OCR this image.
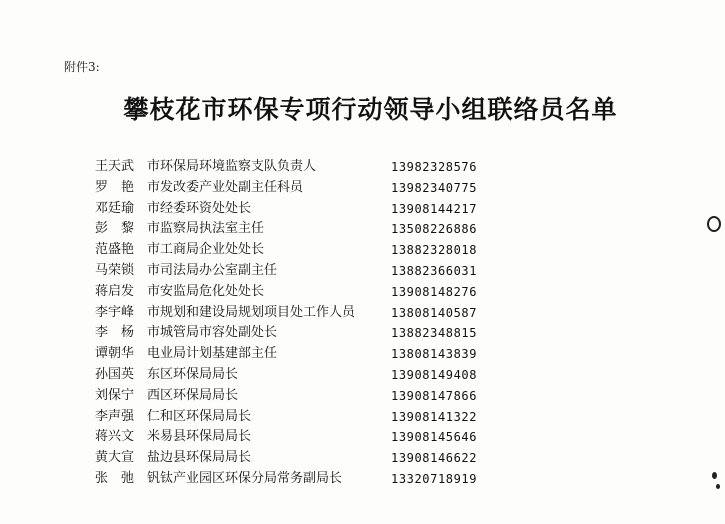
附件3:
攀枝花市环保专项行动领导小组联络员名单
王天武 市环保局环境监察支队负责人	13982328576
罗　艳 市发改委产业处副主任科员	13982340775
邓廷瑜 市经委环资处处长	13908144217
彭　黎 市监察局执法室主任	13508226886
范盛艳 市工商局企业处处长	13882328018
马荣锁 市司法局办公室副主任	13882366031
蒋启发 市安监局危化处处长	13908148276
李宇峰 市规划和建设局规划项目处工作人员	13808140587
李　杨 市城管局市容处副处长	13882348815
谭朝华 电业局计划基建部主任	13808143839
孙国英 东区环保局局长	13908149408
刘保宁 西区环保局局长	13908147866
李声强 仁和区环保局局长	13908141322
蒋兴文 米易县环保局局长	13908145646
黄大宣 盐边县环保局局长	13908146622
张　弛 钒钛产业园区环保分局常务副局长	13320718919
